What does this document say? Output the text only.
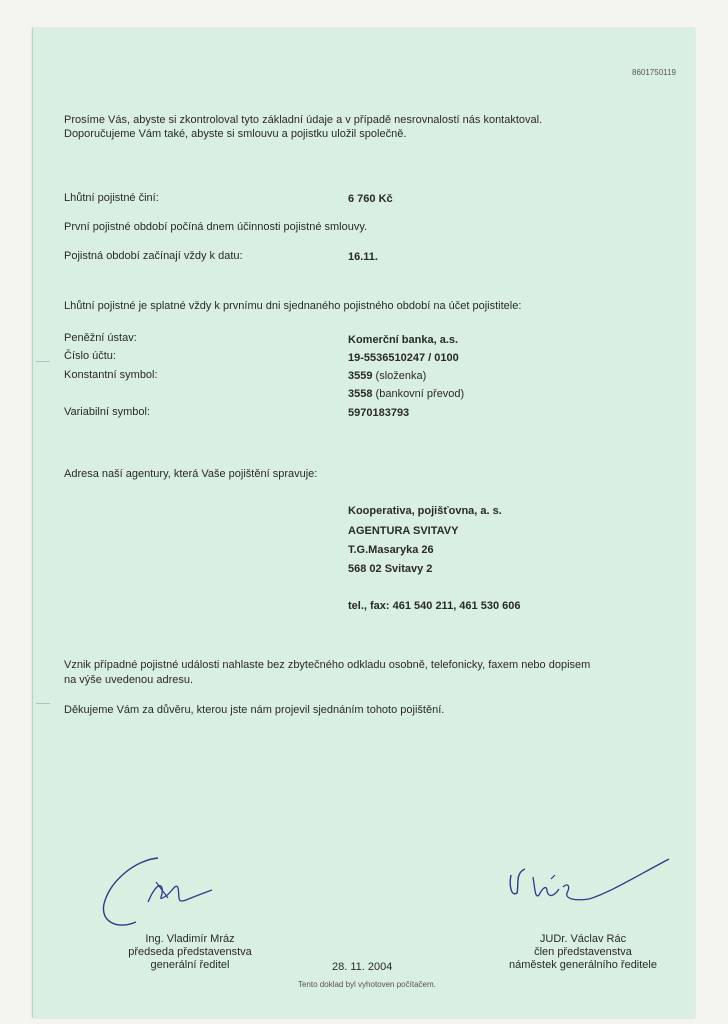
8601750119
Prosíme Vás, abyste si zkontroloval tyto základní údaje a v případě nesrovnalostí nás kontaktoval.
Doporučujeme Vám také, abyste si smlouvu a pojistku uložil společně.
Lhůtní pojistné činí:	6 760 Kč
První pojistné období počíná dnem účinnosti pojistné smlouvy.
Pojistná období začínají vždy k datu:	16.11.
Lhůtní pojistné je splatné vždy k prvnímu dni sjednaného pojistného období na účet pojistitele:
Peněžní ústav:	Komerční banka, a.s.
Číslo účtu:	19-5536510247 / 0100
Konstantní symbol:	3559 (složenka)
3558 (bankovní převod)
Variabilní symbol:	5970183793
Adresa naší agentury, která Vaše pojištění spravuje:
Kooperativa, pojišťovna, a. s.
AGENTURA SVITAVY
T.G.Masaryka 26
568 02 Svitavy 2
tel., fax: 461 540 211, 461 530 606
Vznik případné pojistné události nahlaste bez zbytečného odkladu osobně, telefonicky, faxem nebo dopisem
na výše uvedenou adresu.
Děkujeme Vám za důvěru, kterou jste nám projevil sjednáním tohoto pojištění.
Ing. Vladimír Mráz
předseda představenstva
generální ředitel	28. 11. 2004
JUDr. Václav Rác
člen představenstva
náměstek generálního ředitele
Tento doklad byl vyhotoven počítačem.
